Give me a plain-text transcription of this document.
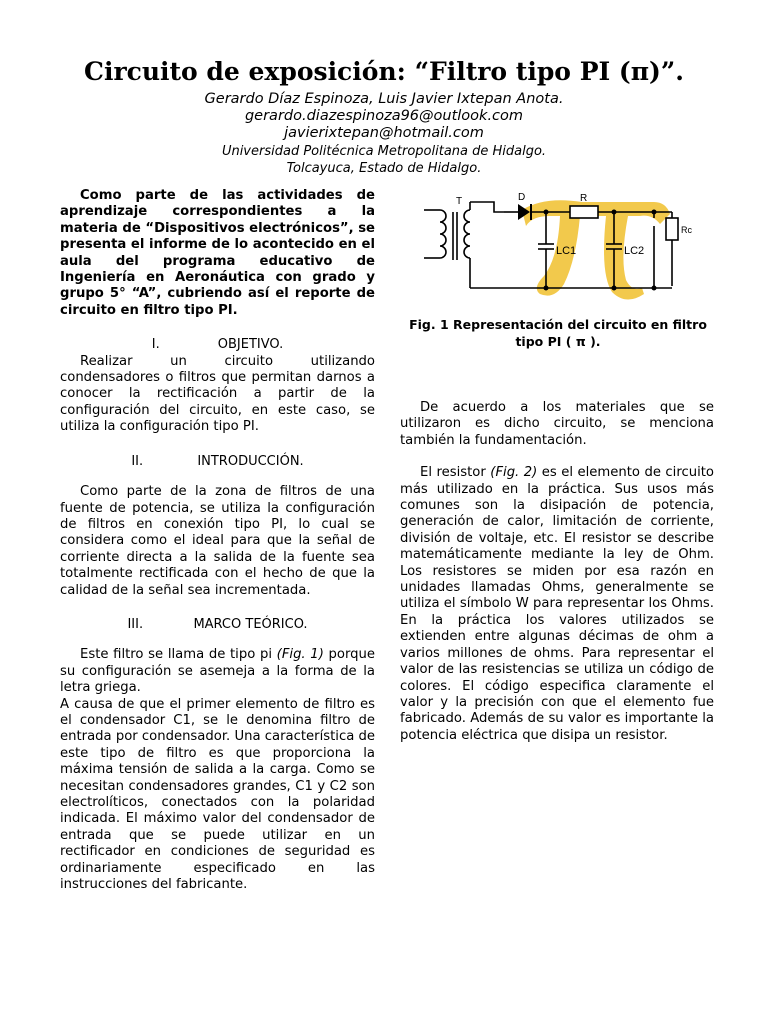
Circuito de exposición: “Filtro tipo PI (π)”.
Gerardo Díaz Espinoza, Luis Javier Ixtepan Anota.
gerardo.diazespinoza96@outlook.com
javierixtepan@hotmail.com
Universidad Politécnica Metropolitana de Hidalgo.
Tolcayuca, Estado de Hidalgo.

Como parte de las actividades de aprendizaje correspondientes a la materia de “Dispositivos electrónicos”, se presenta el informe de lo acontecido en el aula del programa educativo de Ingeniería en Aeronáutica con grado y grupo 5° “A”, cubriendo así el reporte de circuito en filtro tipo PI.

I.	OBJETIVO.

Realizar un circuito utilizando condensadores o filtros que permitan darnos a conocer la rectificación a partir de la configuración del circuito, en este caso, se utiliza la configuración tipo PI.

II.	INTRODUCCIÓN.

Como parte de la zona de filtros de una fuente de potencia, se utiliza la configuración de filtros en conexión tipo PI, lo cual se considera como el ideal para que la señal de corriente directa a la salida de la fuente sea totalmente rectificada con el hecho de que la calidad de la señal sea incrementada.

III.	MARCO TEÓRICO.

Este filtro se llama de tipo pi (Fig. 1) porque su configuración se asemeja a la forma de la letra griega.

A causa de que el primer elemento de filtro es el condensador C1, se le denomina filtro de entrada por condensador. Una característica de este tipo de filtro es que proporciona la máxima tensión de salida a la carga. Como se necesitan condensadores grandes, C1 y C2 son electrolíticos, conectados con la polaridad indicada. El máximo valor del condensador de entrada que se puede utilizar en un rectificador en condiciones de seguridad es ordinariamente especificado en las instrucciones del fabricante.

T	D	R
Rc
LC1	LC2
Fig. 1 Representación del circuito en filtro tipo PI ( π ).

De acuerdo a los materiales que se utilizaron es dicho circuito, se menciona también la fundamentación.

El resistor (Fig. 2) es el elemento de circuito más utilizado en la práctica. Sus usos más comunes son la disipación de potencia, generación de calor, limitación de corriente, división de voltaje, etc. El resistor se describe matemáticamente mediante la ley de Ohm. Los resistores se miden por esa razón en unidades llamadas Ohms, generalmente se utiliza el símbolo W para representar los Ohms. En la práctica los valores utilizados se extienden entre algunas décimas de ohm a varios millones de ohms. Para representar el valor de las resistencias se utiliza un código de colores. El código especifica claramente el valor y la precisión con que el elemento fue fabricado. Además de su valor es importante la potencia eléctrica que disipa un resistor.
